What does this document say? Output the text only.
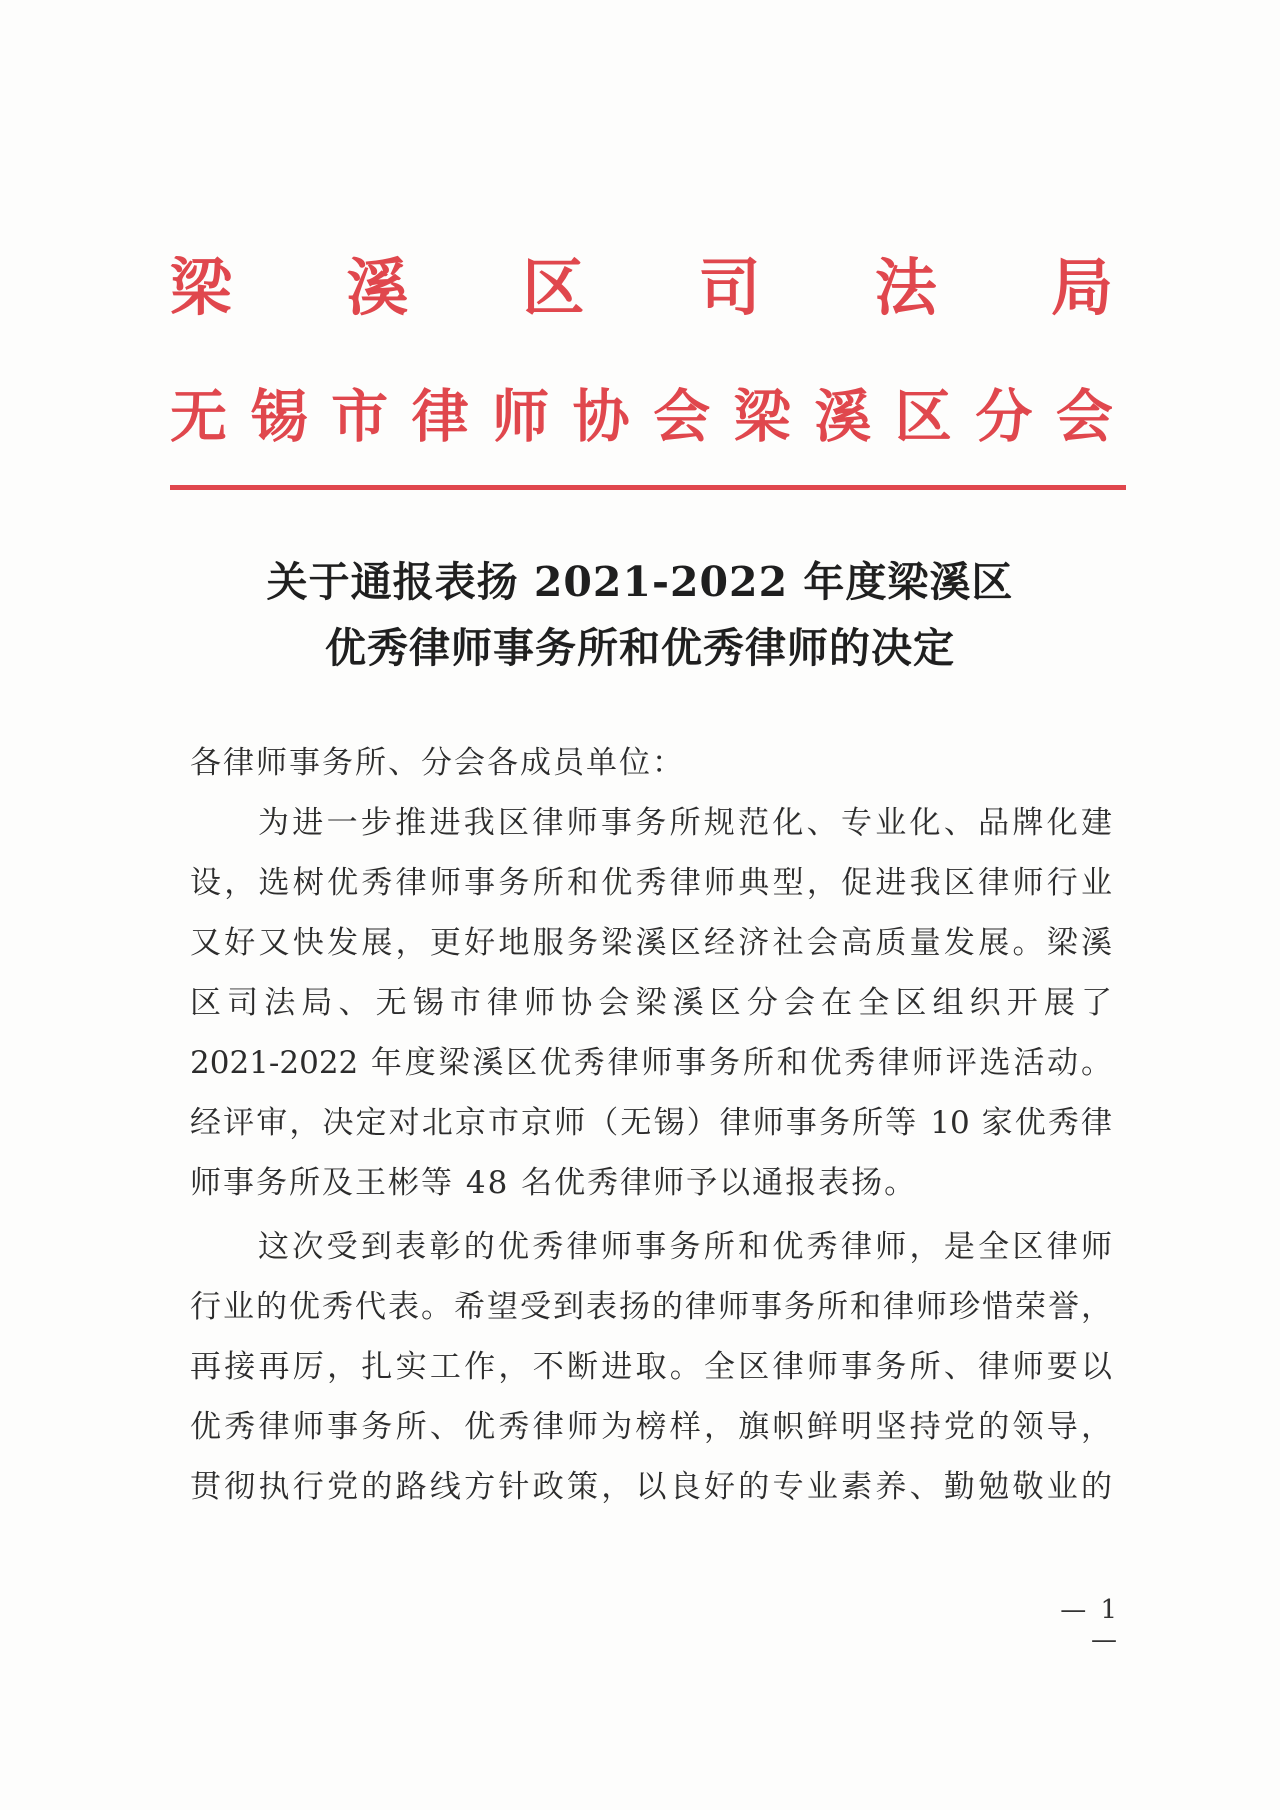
梁 溪 区 司 法 局
无 锡 市 律 师 协 会 梁 溪 区 分 会
关于通报表扬 2021-2022 年度梁溪区
优秀律师事务所和优秀律师的决定
各律师事务所、分会各成员单位：
为进一步推进我区律师事务所规范化、专业化、品牌化建
设，选树优秀律师事务所和优秀律师典型，促进我区律师行业
又好又快发展，更好地服务梁溪区经济社会高质量发展。梁溪
区司法局、无锡市律师协会梁溪区分会在全区组织开展了
2021-2022 年度梁溪区优秀律师事务所和优秀律师评选活动。
经评审，决定对北京市京师（无锡）律师事务所等 10 家优秀律
师事务所及王彬等 48 名优秀律师予以通报表扬。
这次受到表彰的优秀律师事务所和优秀律师，是全区律师
行业的优秀代表。希望受到表扬的律师事务所和律师珍惜荣誉，
再接再厉，扎实工作，不断进取。全区律师事务所、律师要以
优秀律师事务所、优秀律师为榜样，旗帜鲜明坚持党的领导，
贯彻执行党的路线方针政策，以良好的专业素养、勤勉敬业的
— 1 —
